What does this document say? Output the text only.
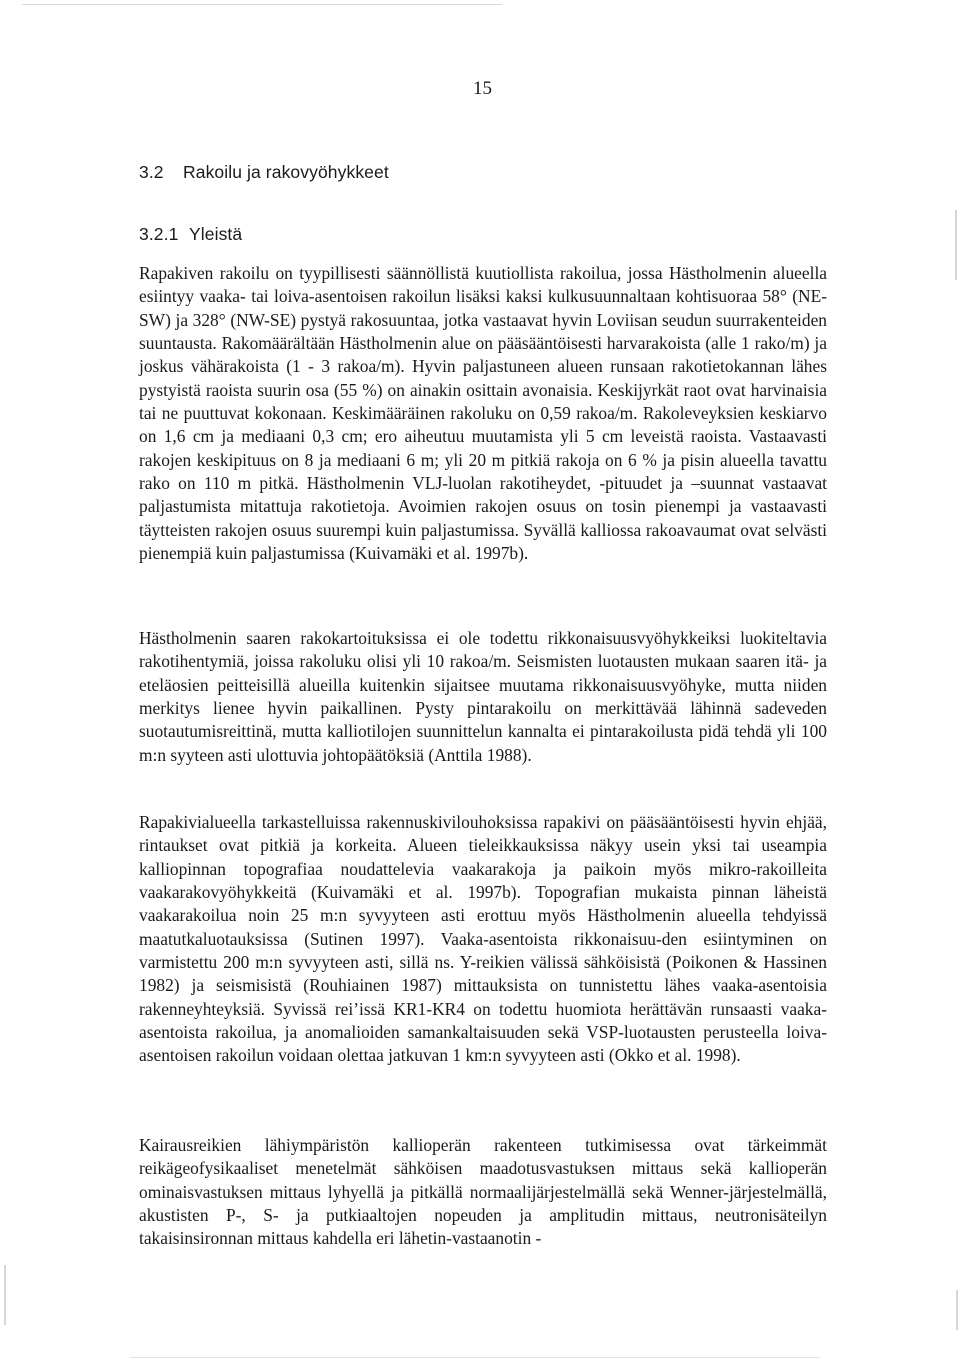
15
3.2 Rakoilu ja rakovyöhykkeet
3.2.1 Yleistä

Rapakiven rakoilu on tyypillisesti säännöllistä kuutiollista rakoilua, jossa Hästholmenin alueella esiintyy vaaka- tai loiva-asentoisen rakoilun lisäksi kaksi kulkusuunnaltaan kohtisuoraa 58° (NE-SW) ja 328° (NW-SE) pystyä rakosuuntaa, jotka vastaavat hyvin Loviisan seudun suurrakenteiden suuntausta. Rakomäärältään Hästholmenin alue on pääsääntöisesti harvarakoista (alle 1 rako/m) ja joskus vähärakoista (1 - 3 rakoa/m). Hyvin paljastuneen alueen runsaan rakotietokannan lähes pystyistä raoista suurin osa (55 %) on ainakin osittain avonaisia. Keskijyrkät raot ovat harvinaisia tai ne puuttuvat kokonaan. Keskimääräinen rakoluku on 0,59 rakoa/m. Rakoleveyksien keskiarvo on 1,6 cm ja mediaani 0,3 cm; ero aiheutuu muutamista yli 5 cm leveistä raoista. Vastaavasti rakojen keskipituus on 8 ja mediaani 6 m; yli 20 m pitkiä rakoja on 6 % ja pisin alueella tavattu rako on 110 m pitkä. Hästholmenin VLJ-luolan rakotiheydet, -pituudet ja –suunnat vastaavat paljastumista mitattuja rakotietoja. Avoimien rakojen osuus on tosin pienempi ja vastaavasti täytteisten rakojen osuus suurempi kuin paljastumissa. Syvällä kalliossa rakoavaumat ovat selvästi pienempiä kuin paljastumissa (Kuivamäki et al. 1997b).

Hästholmenin saaren rakokartoituksissa ei ole todettu rikkonaisuusvyöhykkeiksi luokiteltavia rakotihentymiä, joissa rakoluku olisi yli 10 rakoa/m. Seismisten luotausten mukaan saaren itä- ja eteläosien peitteisillä alueilla kuitenkin sijaitsee muutama rikkonaisuusvyöhyke, mutta niiden merkitys lienee hyvin paikallinen. Pysty pintarakoilu on merkittävää lähinnä sadeveden suotautumisreittinä, mutta kalliotilojen suunnittelun kannalta ei pintarakoilusta pidä tehdä yli 100 m:n syyteen asti ulottuvia johtopäätöksiä (Anttila 1988).

Rapakivialueella tarkastelluissa rakennuskivilouhoksissa rapakivi on pääsääntöisesti hyvin ehjää, rintaukset ovat pitkiä ja korkeita. Alueen tieleikkauksissa näkyy usein yksi tai useampia kalliopinnan topografiaa noudattelevia vaakarakoja ja paikoin myös mikro-rakoilleita vaakarakovyöhykkeitä (Kuivamäki et al. 1997b). Topografian mukaista pinnan läheistä vaakarakoilua noin 25 m:n syvyyteen asti erottuu myös Hästholmenin alueella tehdyissä maatutkaluotauksissa (Sutinen 1997). Vaaka-asentoista rikkonaisuu-den esiintyminen on varmistettu 200 m:n syvyyteen asti, sillä ns. Y-reikien välissä sähköisistä (Poikonen & Hassinen 1982) ja seismisistä (Rouhiainen 1987) mittauksista on tunnistettu lähes vaaka-asentoisia rakenneyhteyksiä. Syvissä rei’issä KR1-KR4 on todettu huomiota herättävän runsaasti vaaka-asentoista rakoilua, ja anomalioiden samankaltaisuuden sekä VSP-luotausten perusteella loiva-asentoisen rakoilun voidaan olettaa jatkuvan 1 km:n syvyyteen asti (Okko et al. 1998).

Kairausreikien lähiympäristön kallioperän rakenteen tutkimisessa ovat tärkeimmät reikägeofysikaaliset menetelmät sähköisen maadotusvastuksen mittaus sekä kallioperän ominaisvastuksen mittaus lyhyellä ja pitkällä normaalijärjestelmällä sekä Wenner-järjestelmällä, akustisten P-, S- ja putkiaaltojen nopeuden ja amplitudin mittaus, neutronisäteilyn takaisinsironnan mittaus kahdella eri lähetin-vastaanotin -
